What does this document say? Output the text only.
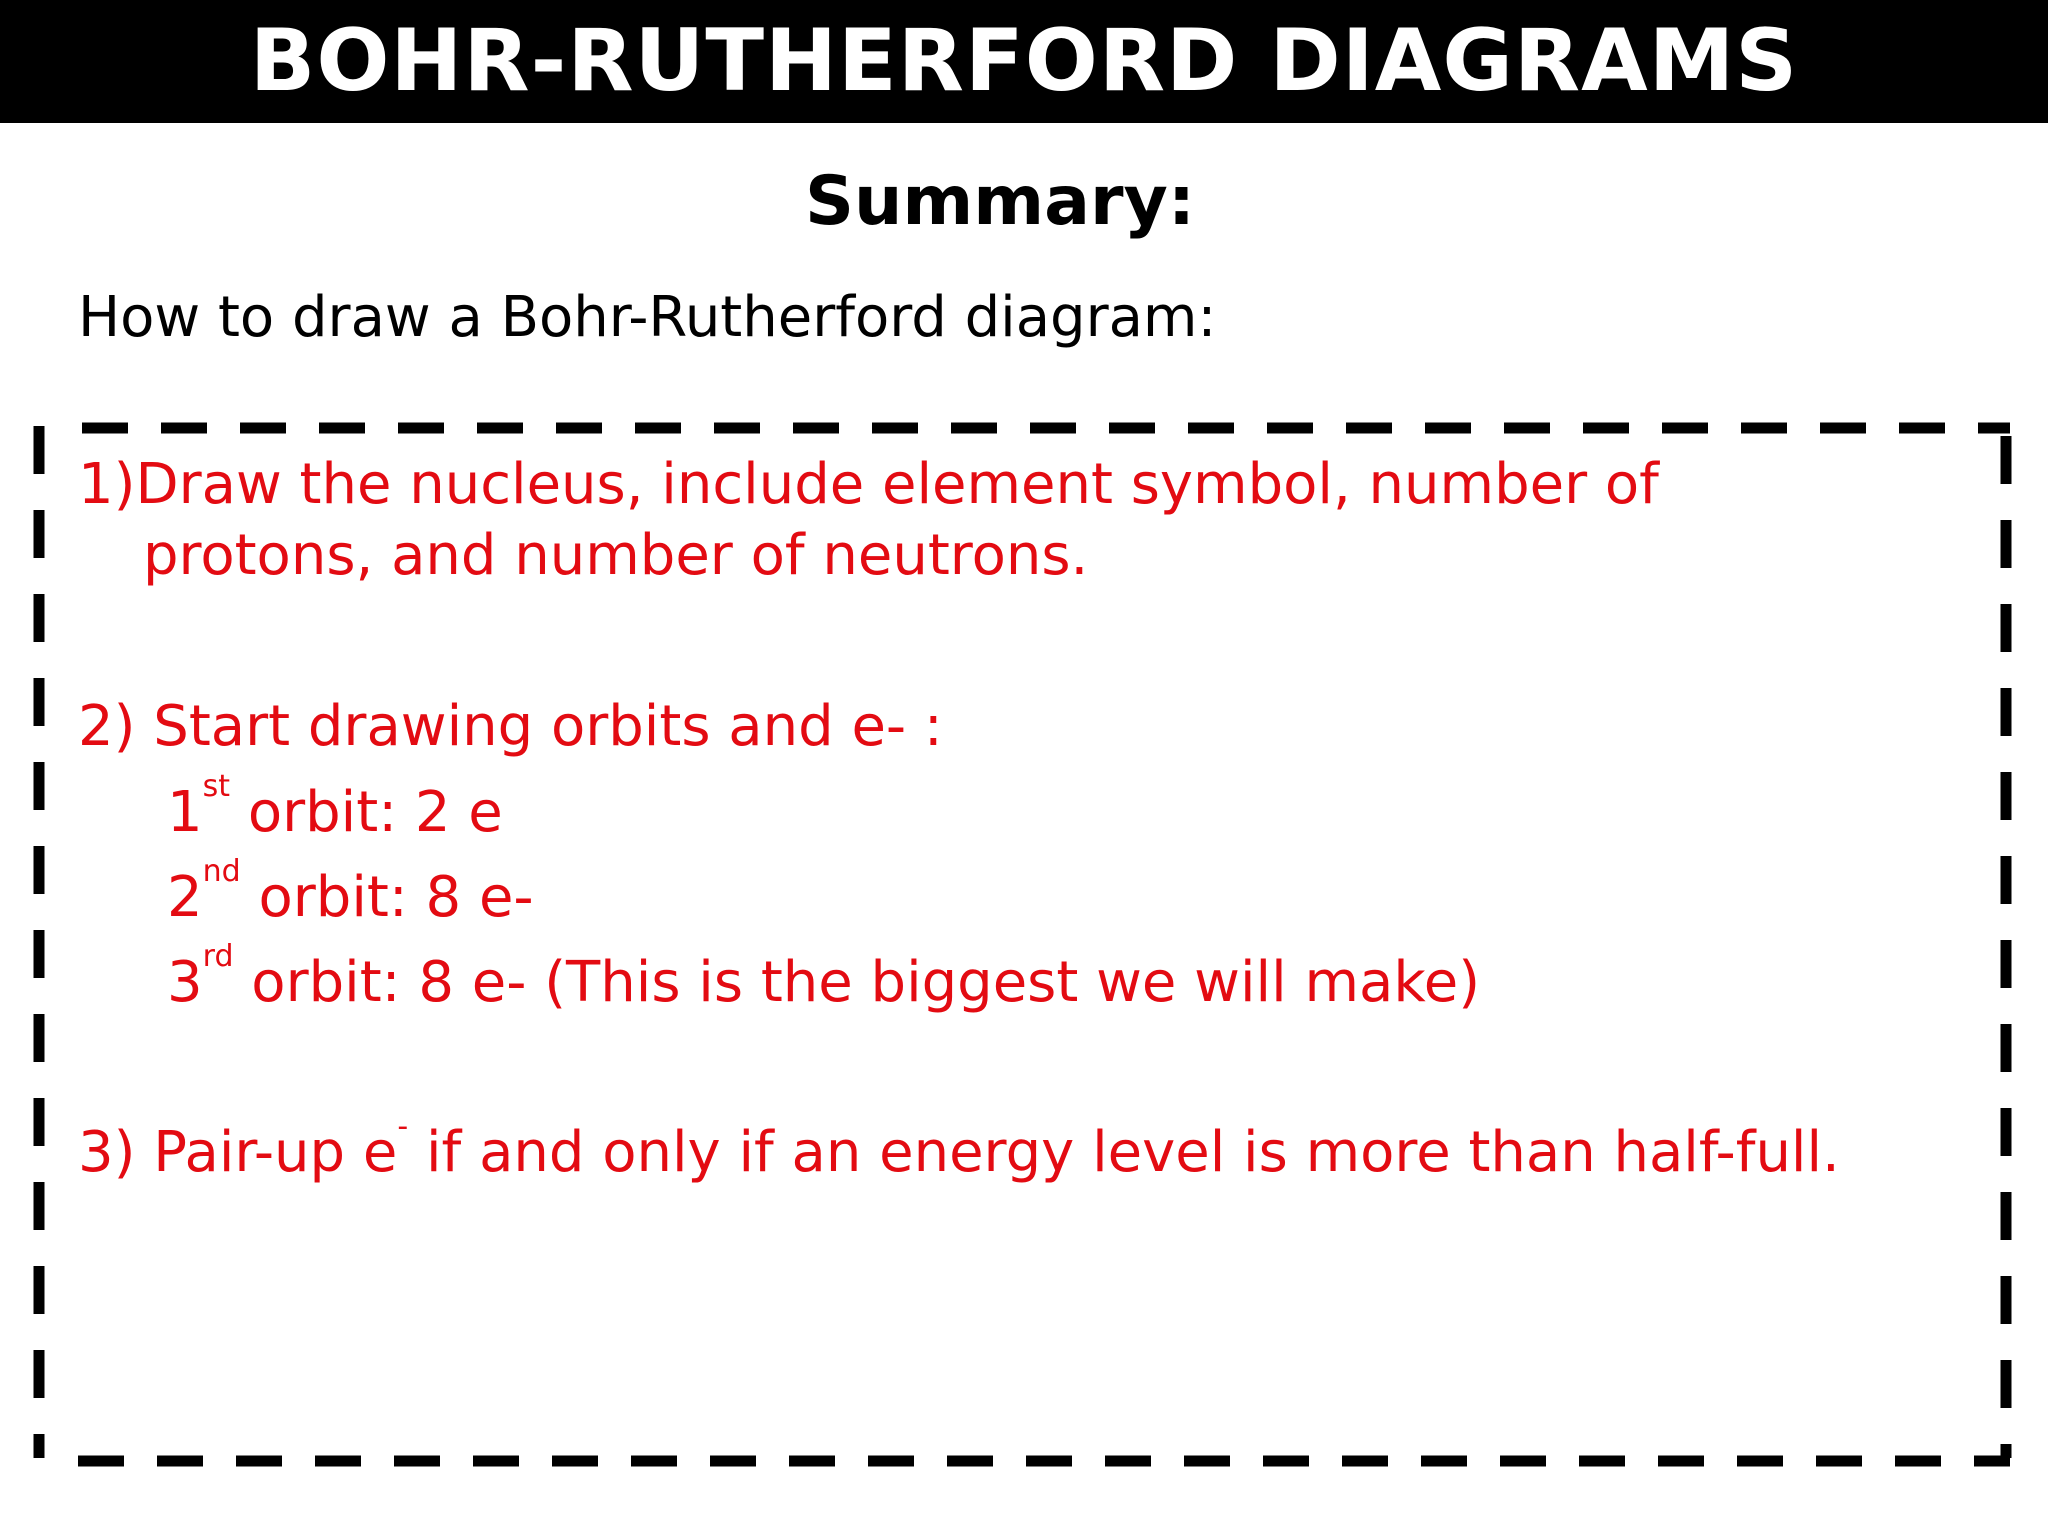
BOHR-RUTHERFORD DIAGRAMS
Summary:
How to draw a Bohr-Rutherford diagram:
1)Draw the nucleus, include element symbol, number of
protons, and number of neutrons.
2) Start drawing orbits and e- :
1st orbit: 2 e
2nd orbit: 8 e-
3rd orbit: 8 e- (This is the biggest we will make)
3) Pair-up e- if and only if an energy level is more than half-full.
